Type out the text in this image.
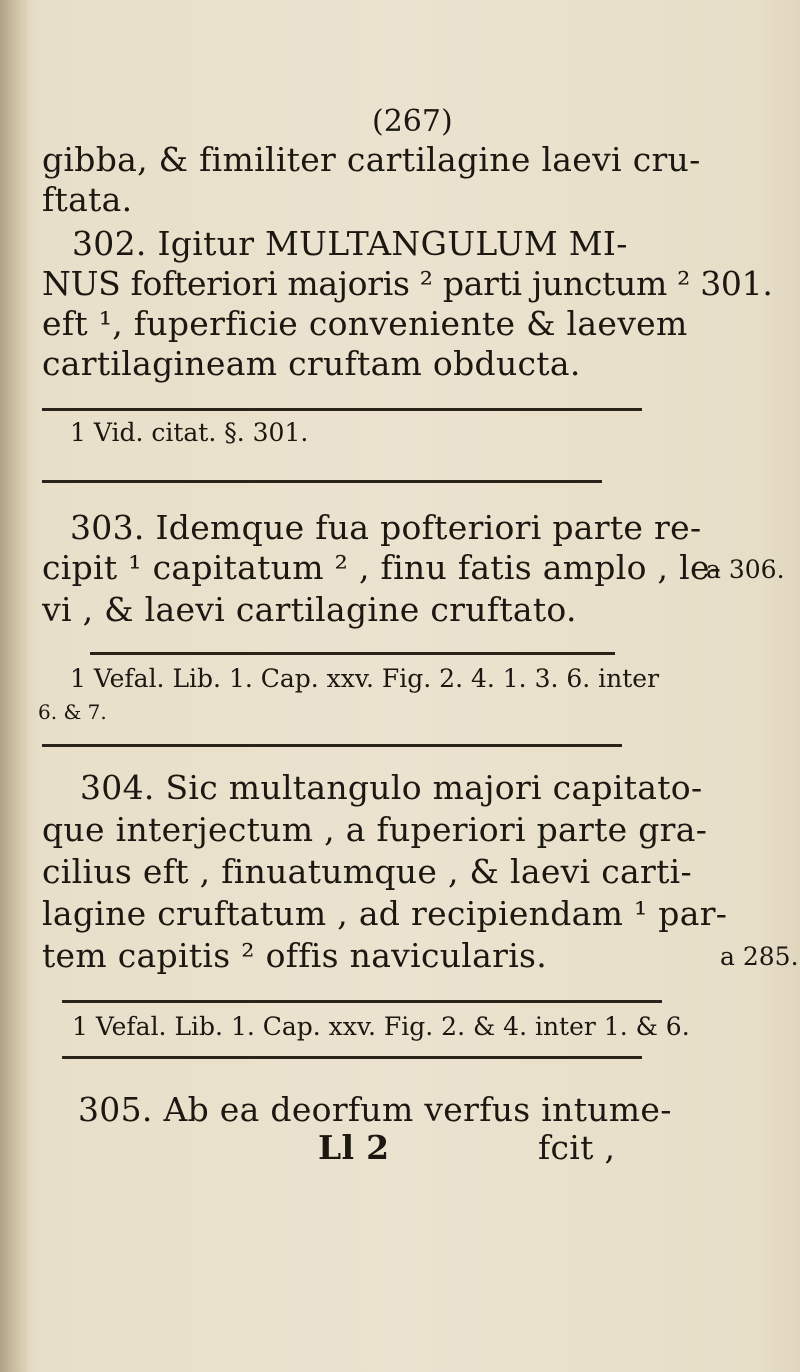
(267)
gibba, & fimiliter cartilagine laevi cru-
ftata.
302. Igitur MULTANGULUM MI-
NUS fofteriori majoris ² parti junctum ² 301.
eft ¹, fuperficie conveniente & laevem
cartilagineam cruftam obducta.
1 Vid. citat. §. 301.
303. Idemque fua pofteriori parte re-
cipit ¹ capitatum ² , finu fatis amplo , le-
vi , & laevi cartilagine cruftato.
a 306.
1 Vefal. Lib. 1. Cap. xxv. Fig. 2. 4. 1. 3. 6. inter
6. & 7.
304. Sic multangulo majori capitato-
que interjectum , a fuperiori parte gra-
cilius eft , finuatumque , & laevi carti-
lagine cruftatum , ad recipiendam ¹ par-
tem capitis ² offis navicularis.	a 285.
1 Vefal. Lib. 1. Cap. xxv. Fig. 2. & 4. inter 1. & 6.
305. Ab ea deorfum verfus intume-
Ll 2	fcit ,
